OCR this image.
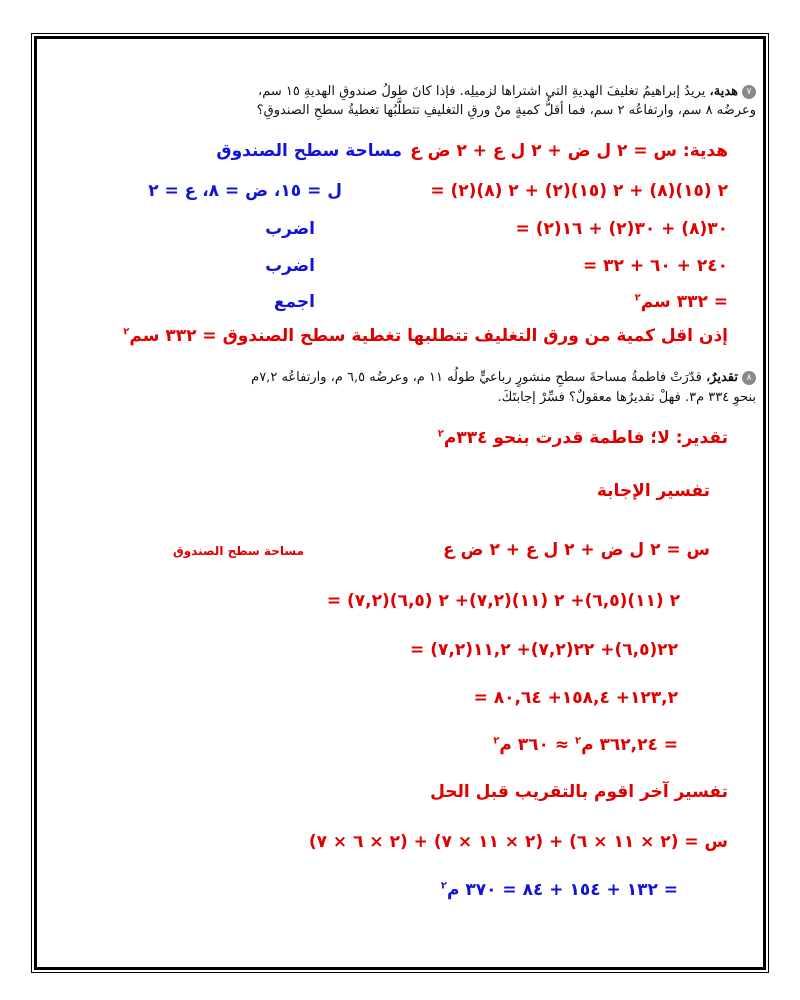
٧هدية، يريدُ إبراهيمُ تغليفَ الهديةِ التي اشتراها لزميلِه. فإذا كانَ طولُ صندوقِ الهديةِ ١٥ سم،
وعرضُه ٨ سم، وارتفاعُه ٢ سم، فما أقلُّ كميةٍ منْ ورقِ التغليفِ تتطلَّبُها تغطيةُ سطحِ الصندوقِ؟
هدية: س = ٢ ل ض + ٢ ل ع + ٢ ض ع
مساحة سطح الصندوق
= ٢ (١٥)(٨) + ٢ (١٥)(٢) + ٢ (٨)(٢)
ل = ١٥، ض = ٨، ع = ٢
= ٣٠(٨) + ٣٠(٢) + ١٦(٢)
اضرب
= ٢٤٠ + ٦٠ + ٣٢
اضرب
= ٣٣٢ سم$^٢$
اجمع
إذن اقل كمية من ورق التغليف تتطلبها تغطية سطح الصندوق = ٣٣٢ سم$^٢$
٨تقديرٌ، قدّرَتْ فاطمةُ مساحةَ سطحِ منشورٍ رباعيٍّ طولُه ١١ م، وعرضُه ٦,٥ م، وارتفاعُه ٧,٢م
بنحوِ ٣٣٤ م٣. فهلْ تقديرُها معقولٌ؟ فسِّرْ إجابتَكَ.
تقدير: لا؛ فاطمة قدرت بنحو ٣٣٤م$^٢$
تفسير الإجابة
س = ٢ ل ض + ٢ ل ع + ٢ ض ع
مساحة سطح الصندوق
= ٢ (١١)(٦,٥)+ ٢ (١١)(٧,٢)+ ٢ (٦,٥)(٧,٢)
= ٢٢(٦,٥)+ ٢٢(٧,٢)+ ١١,٢(٧,٢)
= ١٢٣,٢+ ١٥٨,٤+ ٨٠,٦٤
= ٣٦٢,٢٤ م$^٢$ ≈ ٣٦٠ م$^٢$
تفسير آخر اقوم بالتقريب قبل الحل
س = (٢ × ١١ × ٦) + (٢ × ١١ × ٧) + (٢ × ٦ × ٧)
= ١٣٢ + ١٥٤ + ٨٤ = ٣٧٠ م$^٢$
